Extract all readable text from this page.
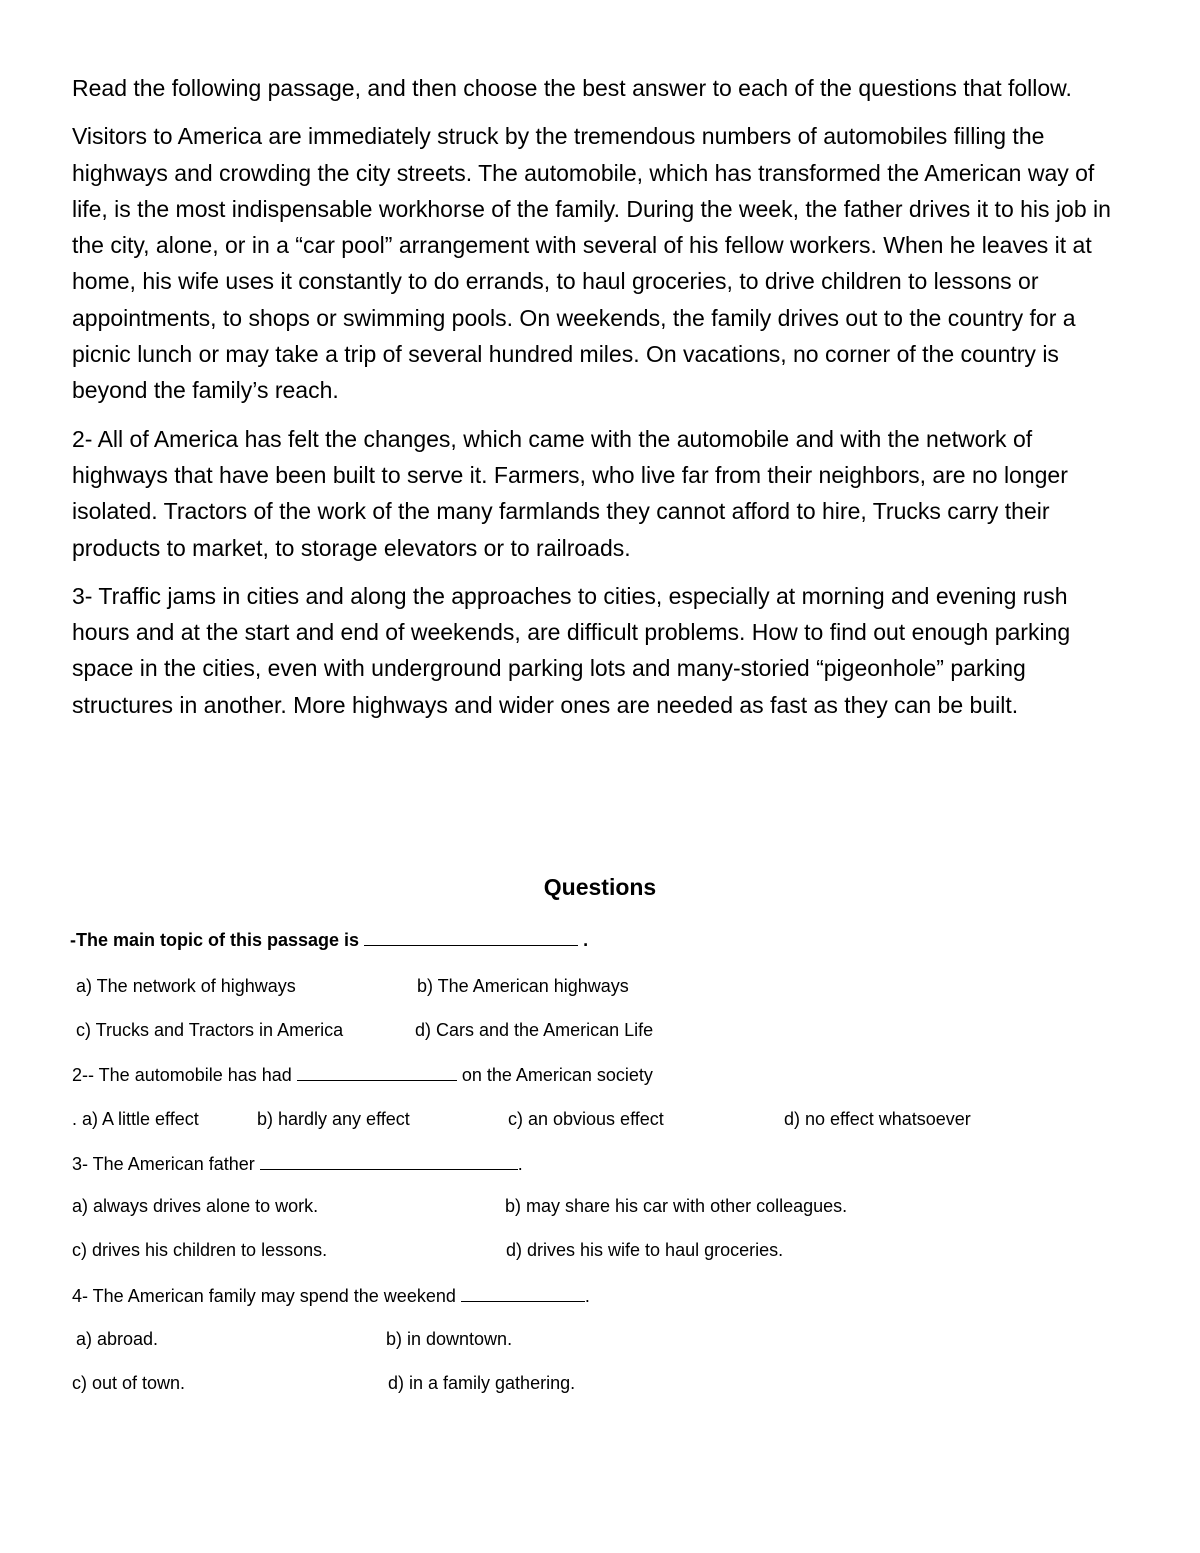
Read the following passage, and then choose the best answer to each of the questions that follow.

Visitors to America are immediately struck by the tremendous numbers of automobiles filling the highways and crowding the city streets. The automobile, which has transformed the American way of life, is the most indispensable workhorse of the family. During the week, the father drives it to his job in the city, alone, or in a “car pool” arrangement with several of his fellow workers. When he leaves it at home, his wife uses it constantly to do errands, to haul groceries, to drive children to lessons or appointments, to shops or swimming pools. On weekends, the family drives out to the country for a picnic lunch or may take a trip of several hundred miles. On vacations, no corner of the country is beyond the family’s reach.

2- All of America has felt the changes, which came with the automobile and with the network of highways that have been built to serve it. Farmers, who live far from their neighbors, are no longer isolated. Tractors of the work of the many farmlands they cannot afford to hire, Trucks carry their products to market, to storage elevators or to railroads.

3- Traffic jams in cities and along the approaches to cities, especially at morning and evening rush hours and at the start and end of weekends, are difficult problems. How to find out enough parking space in the cities, even with underground parking lots and many-storied “pigeonhole” parking structures in another. More highways and wider ones are needed as fast as they can be built.

Questions
-The main topic of this passage is	.
a) The network of highways	b) The American highways
c) Trucks and Tractors in America	d) Cars and the American Life
2-- The automobile has had	on the American society
. a) A little effect	b) hardly any effect	c) an obvious effect	d) no effect whatsoever
3- The American father	.
a) always drives alone to work.	b) may share his car with other colleagues.
c) drives his children to lessons.	d) drives his wife to haul groceries.
4- The American family may spend the weekend	.
a) abroad.	b) in downtown.
c) out of town.	d) in a family gathering.
